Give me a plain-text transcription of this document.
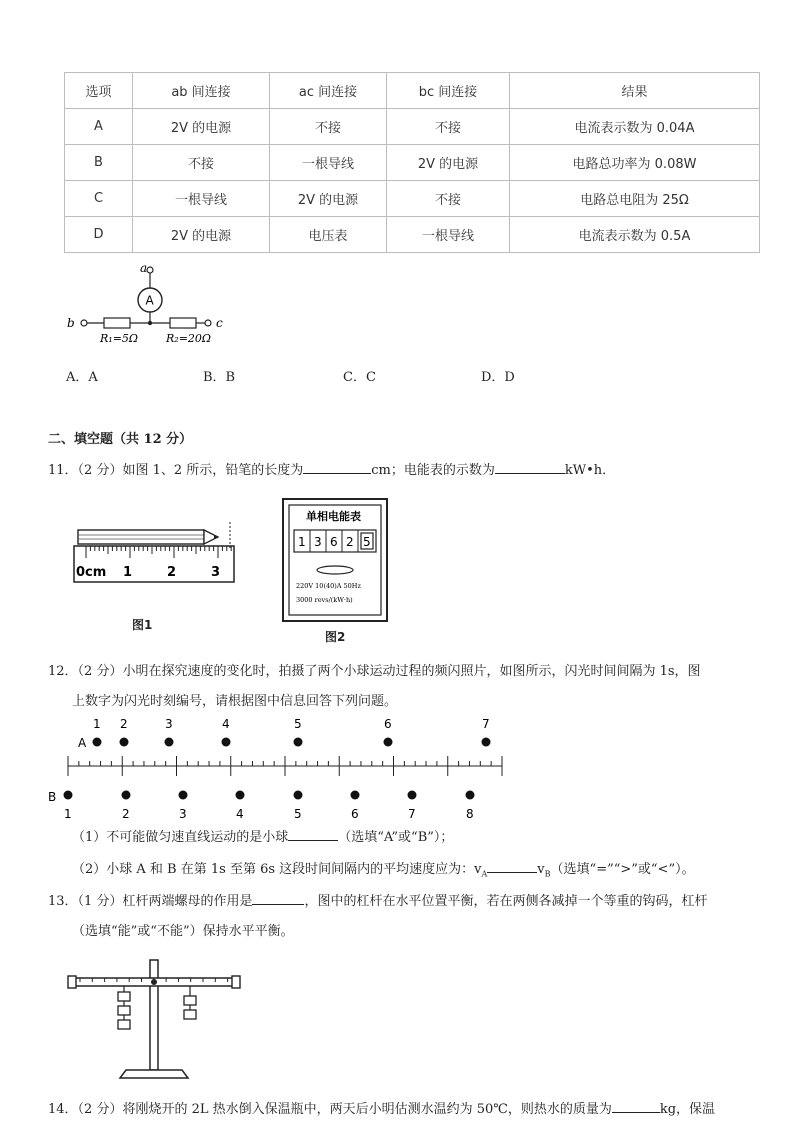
选项	ab 间连接	ac 间连接	bc 间连接	结果
A	2V 的电源	不接	不接	电流表示数为 0.04A
B	不接	一根导线	2V 的电源	电路总功率为 0.08W
C	一根导线	2V 的电源	不接	电路总电阻为 25Ω
D	2V 的电源	电压表	一根导线	电流表示数为 0.5A
a
A
b	c
R₁=5Ω	R₂=20Ω
A．A	B．B	C．C	D．D
二、填空题（共 12 分）
11．（2 分）如图 1、2 所示，铅笔的长度为	cm；电能表的示数为	kW•h．
0cm 1	2	3
图1
单相电能表
1 3 6 2 5
220V 10(40)A 50Hz
3000 revs/(kW·h)
图2
12．（2 分）小明在探究速度的变化时，拍摄了两个小球运动过程的频闪照片，如图所示，闪光时间间隔为 1s，图
上数字为闪光时刻编号，请根据图中信息回答下列问题。
A
B
1 2	3	4	5	6	7
1	2	3	4	5	6	7	8
（1）不可能做匀速直线运动的是小球	（选填“A”或“B”）；
（2）小球 A 和 B 在第 1s 至第 6s 这段时间间隔内的平均速度应为：$v_A$	$v_B$（选填“=”“>”或“<”）。
13．（1 分）杠杆两端螺母的作用是	，图中的杠杆在水平位置平衡，若在两侧各减掉一个等重的钩码，杠杆
（选填“能”或“不能”）保持水平平衡。
14．（2 分）将刚烧开的 2L 热水倒入保温瓶中，两天后小明估测水温约为 50℃，则热水的质量为	kg，保温
